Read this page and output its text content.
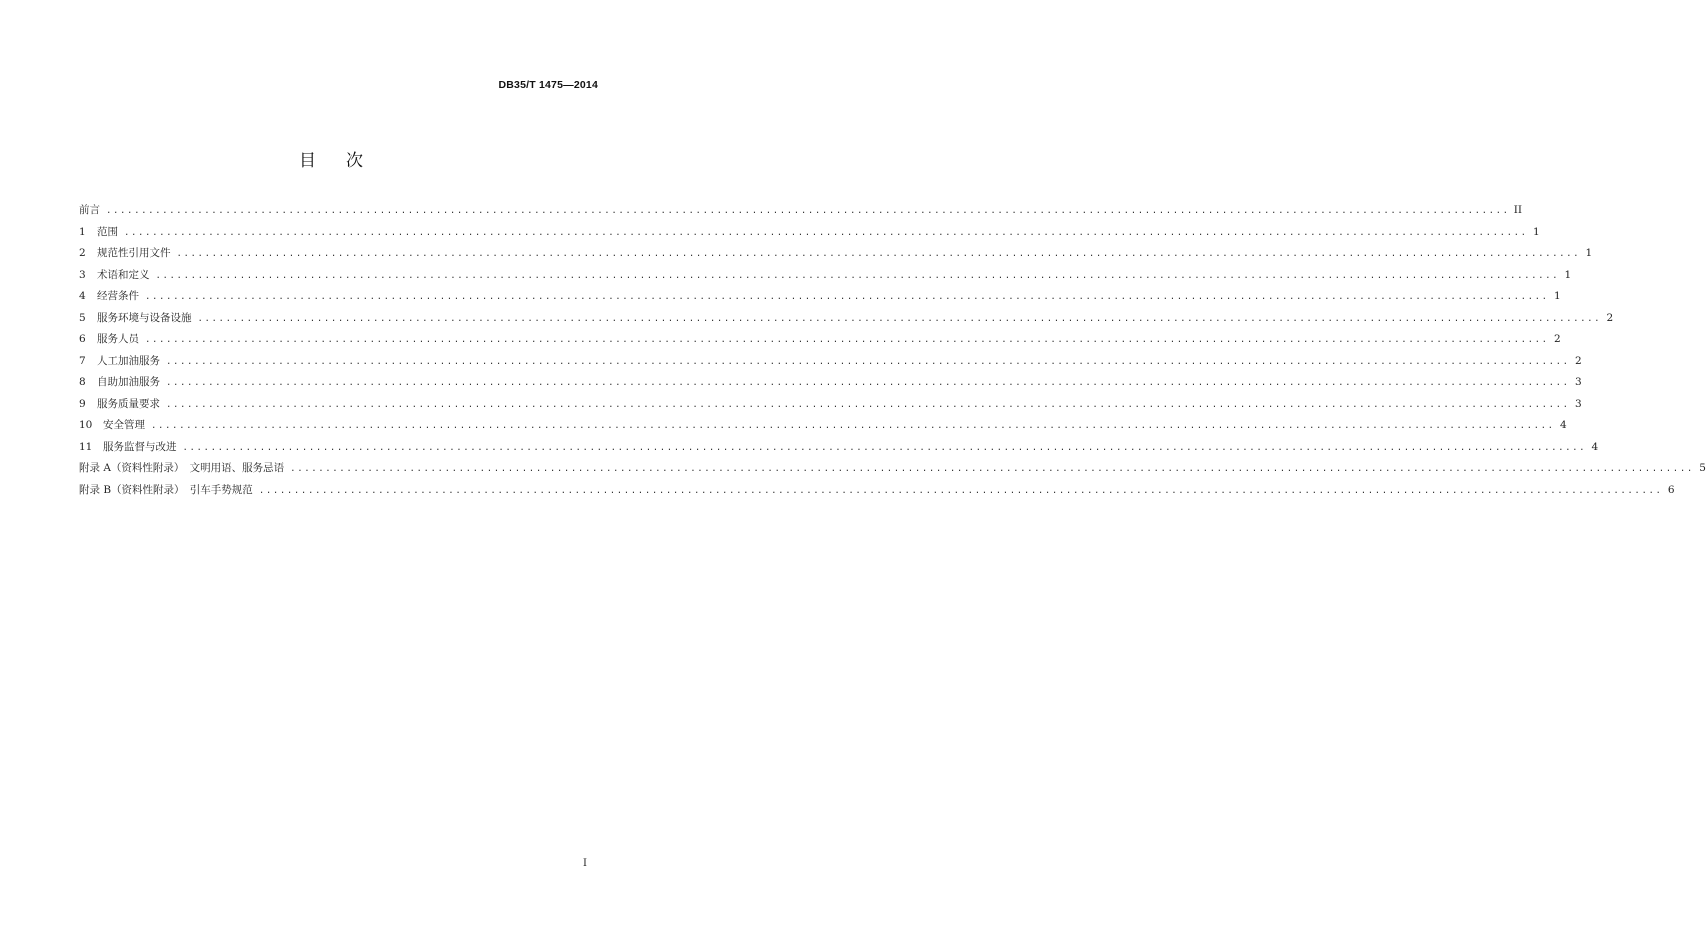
DB35/T 1475—2014
目 次
前言 ........................................................................................................................................................................................................ II
1	范围 ........................................................................................................................................................................................................ 1
2	规范性引用文件 ........................................................................................................................................................................................................ 1
3	术语和定义 ........................................................................................................................................................................................................ 1
4	经营条件 ........................................................................................................................................................................................................ 1
5	服务环境与设备设施 ........................................................................................................................................................................................................ 2
6	服务人员 ........................................................................................................................................................................................................ 2
7	人工加油服务 ........................................................................................................................................................................................................ 2
8	自助加油服务 ........................................................................................................................................................................................................ 3
9	服务质量要求 ........................................................................................................................................................................................................ 3
10	安全管理 ........................................................................................................................................................................................................ 4
11	服务监督与改进 ........................................................................................................................................................................................................ 4
附录 A（资料性附录）　文明用语、服务忌语 ........................................................................................................................................................................................................ 5
附录 B（资料性附录）　引车手势规范 ........................................................................................................................................................................................................ 6
I
